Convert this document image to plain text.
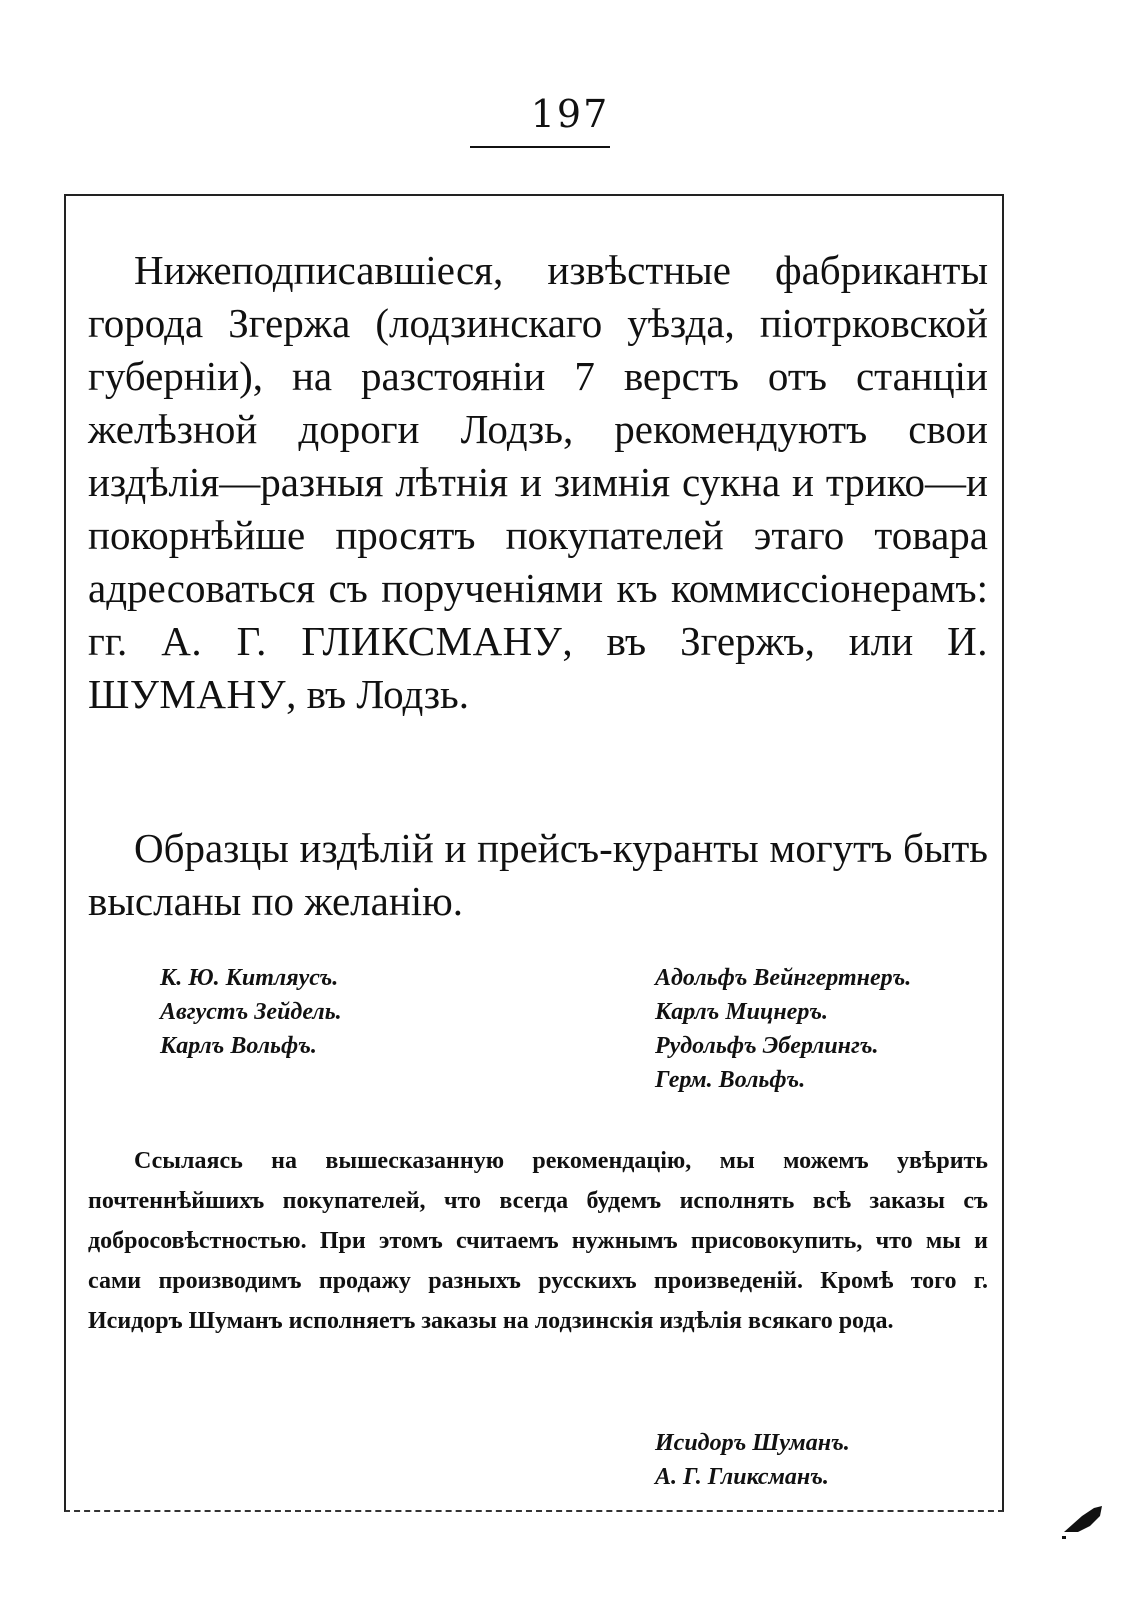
197

Нижеподписавшіеся, извѣстные фабриканты города Згержа (лодзинскаго уѣзда, піотрковской губерніи), на разстояніи 7 верстъ отъ станціи желѣзной дороги Лодзь, рекомендуютъ свои издѣлія—разныя лѣтнія и зимнія сукна и трико—и покорнѣйше просятъ покупателей этаго товара адресоваться съ порученіями къ коммиссіонерамъ: гг. А. Г. ГЛИКСМАНУ, въ Згержъ, или И. ШУМАНУ, въ Лодзь.

Образцы издѣлій и прейсъ-куранты могутъ быть высланы по желанію.

К. Ю. Китляусъ.
Августъ Зейдель.
Карлъ Вольфъ.
Адольфъ Вейнгертнеръ.
Карлъ Мицнеръ.
Рудольфъ Эберлингъ.
Герм. Вольфъ.

Ссылаясь на вышесказанную рекомендацію, мы можемъ увѣрить почтеннѣйшихъ покупателей, что всегда будемъ исполнять всѣ заказы съ добросовѣстностью. При этомъ считаемъ нужнымъ присовокупить, что мы и сами производимъ продажу разныхъ русскихъ произведеній. Кромѣ того г. Исидоръ Шуманъ исполняетъ заказы на лодзинскія издѣлія всякаго рода.

Исидоръ Шуманъ.
А. Г. Гликсманъ.
